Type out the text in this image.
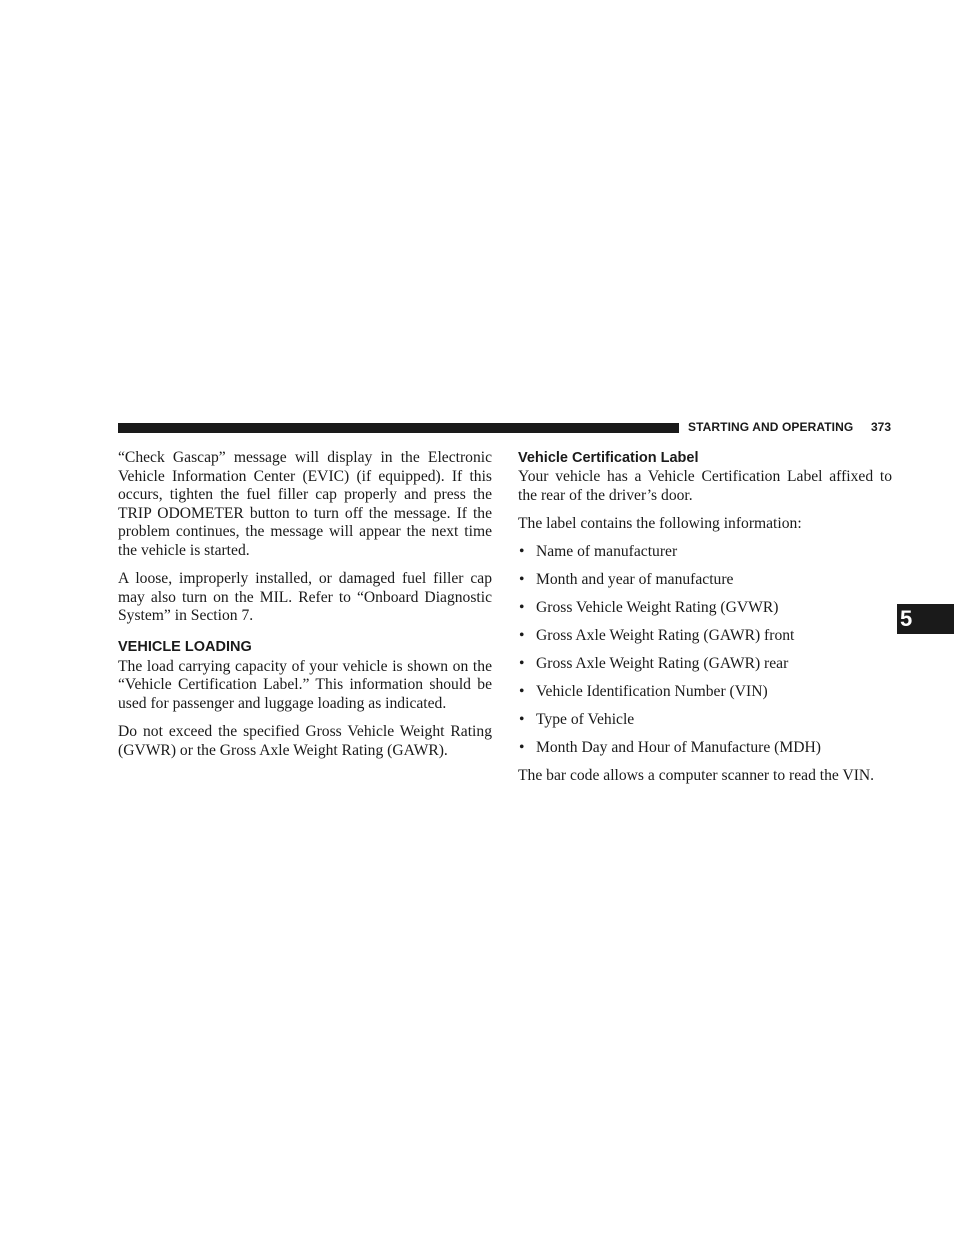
STARTING AND OPERATING 373
5

“Check Gascap” message will display in the Electronic Vehicle Information Center (EVIC) (if equipped). If this occurs, tighten the fuel filler cap properly and press the TRIP ODOMETER button to turn off the message. If the problem continues, the message will appear the next time the vehicle is started.

A loose, improperly installed, or damaged fuel filler cap may also turn on the MIL. Refer to “Onboard Diagnostic System” in Section 7.

VEHICLE LOADING

The load carrying capacity of your vehicle is shown on the “Vehicle Certification Label.” This information should be used for passenger and luggage loading as indicated.

Do not exceed the specified Gross Vehicle Weight Rating (GVWR) or the Gross Axle Weight Rating (GAWR).

Vehicle Certification Label

Your vehicle has a Vehicle Certification Label affixed to the rear of the driver’s door.

The label contains the following information:

• Name of manufacturer
• Month and year of manufacture
• Gross Vehicle Weight Rating (GVWR)
• Gross Axle Weight Rating (GAWR) front
• Gross Axle Weight Rating (GAWR) rear
• Vehicle Identification Number (VIN)
• Type of Vehicle
• Month Day and Hour of Manufacture (MDH)

The bar code allows a computer scanner to read the VIN.
